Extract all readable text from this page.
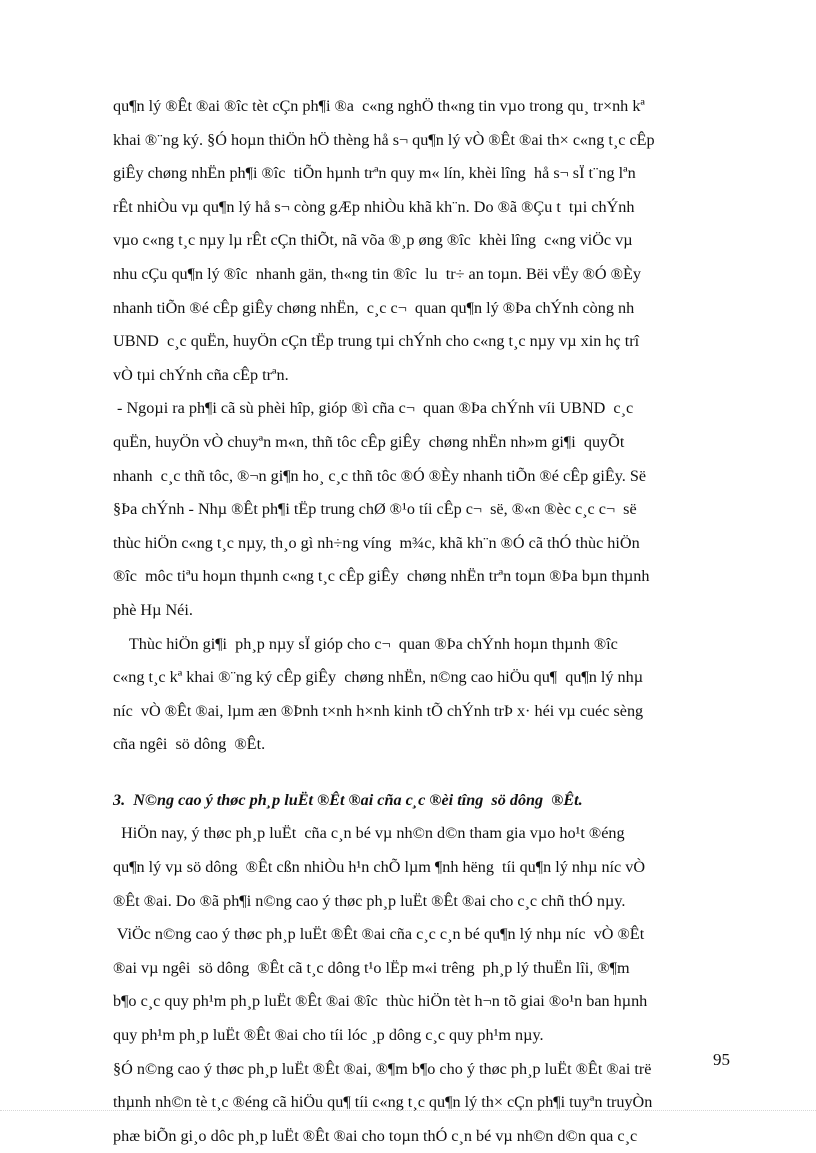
qu¶n lý ®Êt ®ai ®îc tèt cÇn ph¶i ®a  c«ng nghÖ th«ng tin vµo trong qu¸ tr×nh kª
khai ®¨ng ký. §Ó hoµn thiÖn hÖ thèng hå s¬ qu¶n lý vÒ ®Êt ®ai th× c«ng t¸c cÊp
giÊy chøng nhËn ph¶i ®îc  tiÕn hµnh trªn quy m« lín, khèi lîng  hå s¬ sÏ t¨ng lªn
rÊt nhiÒu vµ qu¶n lý hå s¬ còng gÆp nhiÒu khã kh¨n. Do ®ã ®Çu t  tµi chÝnh
vµo c«ng t¸c nµy lµ rÊt cÇn thiÕt, nã võa ®¸p øng ®îc  khèi lîng  c«ng viÖc vµ
nhu cÇu qu¶n lý ®îc  nhanh gän, th«ng tin ®îc  lu  tr÷ an toµn. Bëi vËy ®Ó ®Èy
nhanh tiÕn ®é cÊp giÊy chøng nhËn,  c¸c c¬  quan qu¶n lý ®Þa chÝnh còng nh
UBND  c¸c quËn, huyÖn cÇn tËp trung tµi chÝnh cho c«ng t¸c nµy vµ xin hç trî
vÒ tµi chÝnh cña cÊp trªn.
- Ngoµi ra ph¶i cã sù phèi hîp, gióp ®ì cña c¬  quan ®Þa chÝnh víi UBND  c¸c
quËn, huyÖn vÒ chuyªn m«n, thñ tôc cÊp giÊy  chøng nhËn nh»m gi¶i  quyÕt
nhanh  c¸c thñ tôc, ®¬n gi¶n ho¸ c¸c thñ tôc ®Ó ®Èy nhanh tiÕn ®é cÊp giÊy. Së
§Þa chÝnh - Nhµ ®Êt ph¶i tËp trung chØ ®¹o tíi cÊp c¬  së, ®«n ®èc c¸c c¬  së
thùc hiÖn c«ng t¸c nµy, th¸o gì nh÷ng víng  m¾c, khã kh¨n ®Ó cã thÓ thùc hiÖn
®îc  môc tiªu hoµn thµnh c«ng t¸c cÊp giÊy  chøng nhËn trªn toµn ®Þa bµn thµnh
phè Hµ Néi.
Thùc hiÖn gi¶i  ph¸p nµy sÏ gióp cho c¬  quan ®Þa chÝnh hoµn thµnh ®îc
c«ng t¸c kª khai ®¨ng ký cÊp giÊy  chøng nhËn, n©ng cao hiÖu qu¶  qu¶n lý nhµ
níc  vÒ ®Êt ®ai, lµm æn ®Þnh t×nh h×nh kinh tÕ chÝnh trÞ x· héi vµ cuéc sèng
cña ngêi  sö dông  ®Êt.
3.  N©ng cao ý thøc ph¸p luËt ®Êt ®ai cña c¸c ®èi tîng  sö dông  ®Êt.
HiÖn nay, ý thøc ph¸p luËt  cña c¸n bé vµ nh©n d©n tham gia vµo ho¹t ®éng
qu¶n lý vµ sö dông  ®Êt cßn nhiÒu h¹n chÕ lµm ¶nh hëng  tíi qu¶n lý nhµ níc vÒ
®Êt ®ai. Do ®ã ph¶i n©ng cao ý thøc ph¸p luËt ®Êt ®ai cho c¸c chñ thÓ nµy.
ViÖc n©ng cao ý thøc ph¸p luËt ®Êt ®ai cña c¸c c¸n bé qu¶n lý nhµ níc  vÒ ®Êt
®ai vµ ngêi  sö dông  ®Êt cã t¸c dông t¹o lËp m«i trêng  ph¸p lý thuËn lîi, ®¶m
b¶o c¸c quy ph¹m ph¸p luËt ®Êt ®ai ®îc  thùc hiÖn tèt h¬n tõ giai ®o¹n ban hµnh
quy ph¹m ph¸p luËt ®Êt ®ai cho tíi lóc ¸p dông c¸c quy ph¹m nµy.
§Ó n©ng cao ý thøc ph¸p luËt ®Êt ®ai, ®¶m b¶o cho ý thøc ph¸p luËt ®Êt ®ai trë
thµnh nh©n tè t¸c ®éng cã hiÖu qu¶ tíi c«ng t¸c qu¶n lý th× cÇn ph¶i tuyªn truyÒn
phæ biÕn gi¸o dôc ph¸p luËt ®Êt ®ai cho toµn thÓ c¸n bé vµ nh©n d©n qua c¸c
95
